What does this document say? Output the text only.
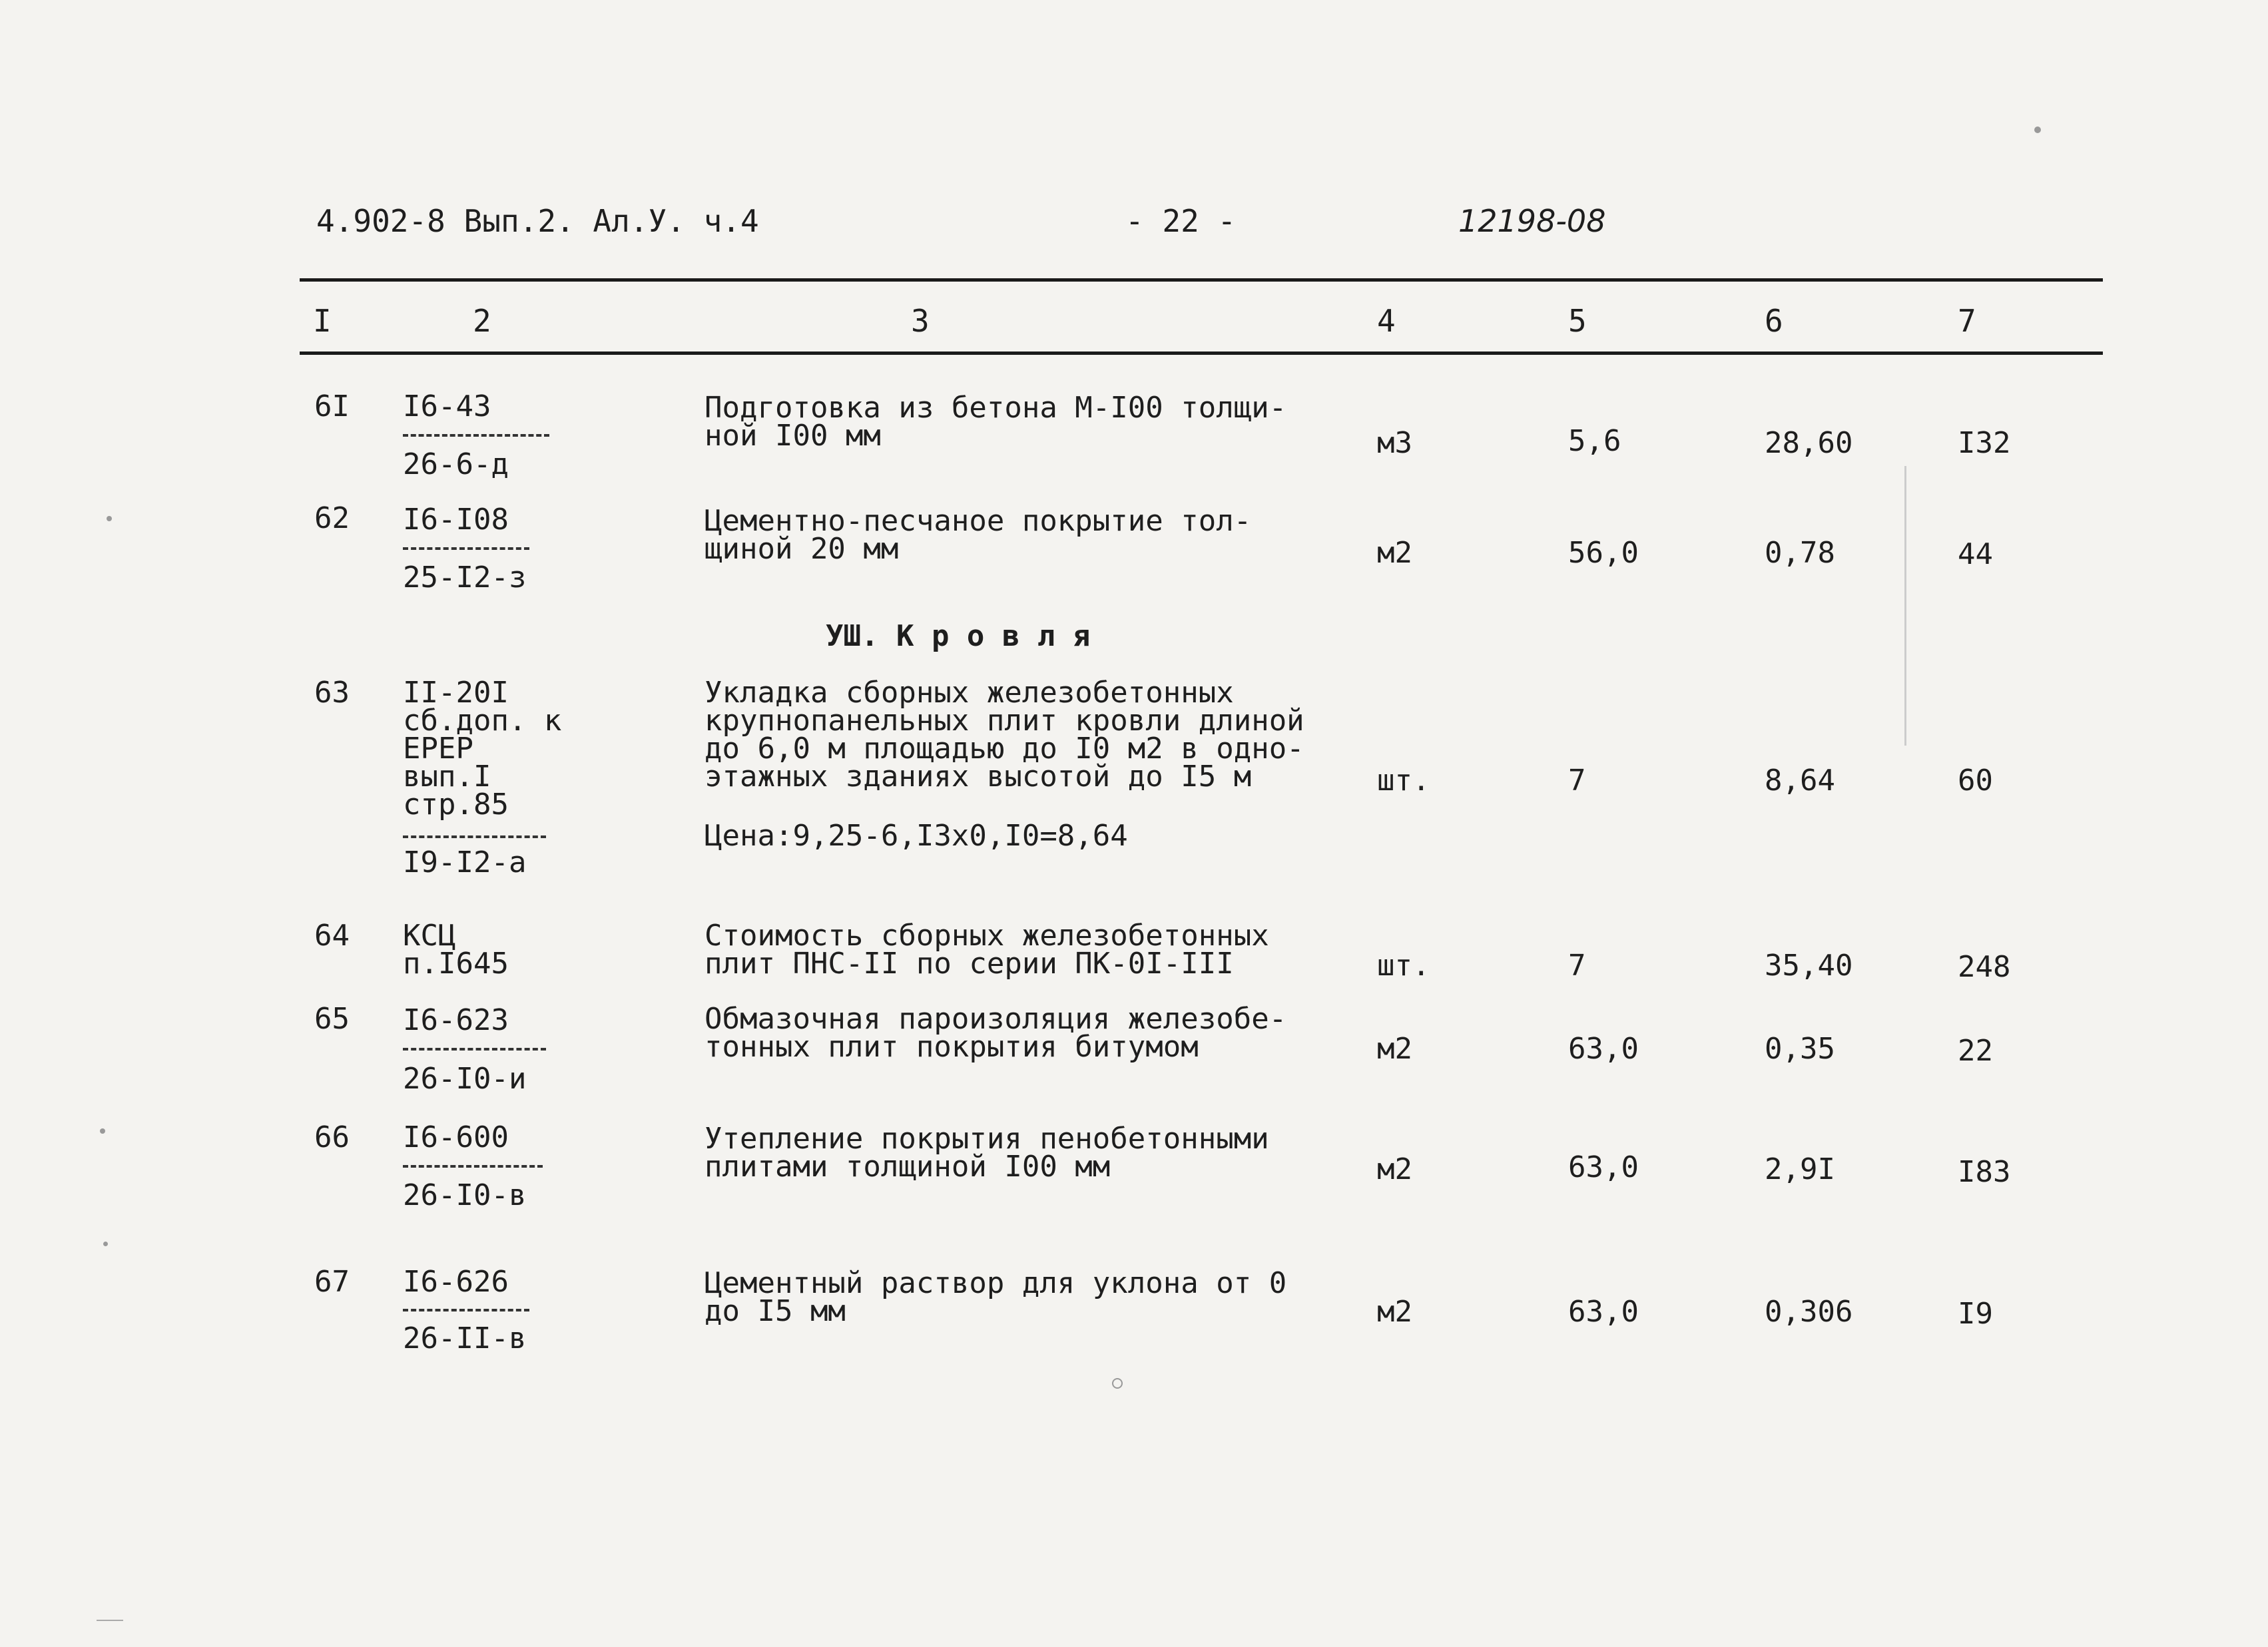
4.902-8 Вып.2. Ал.У. ч.4	- 22 -	12198-08
I	2	3	4	5	6	7
6I I6-43
26-6-д
Подготовка из бетона М-I00 толщи-
ной I00 мм	м3	5,6	28,60	I32
62 I6-I08
25-I2-з
Цементно-песчаное покрытие тол-
щиной 20 мм	м2	56,0	0,78	44
УШ. К р о в л я
63 II-20I
сб.доп. к
ЕРЕР
вып.I
стр.85
I9-I2-а
Укладка сборных железобетонных
крупнопанельных плит кровли длиной
до 6,0 м площадью до I0 м2 в одно-
этажных зданиях высотой до I5 м
Цена:9,25-6,I3х0,I0=8,64
шт.	7	8,64	60
64 КСЦ
п.I645
Стоимость сборных железобетонных
плит ПНС-II по серии ПК-0I-III	шт.	7	35,40	248
65 I6-623
26-I0-и
Обмазочная пароизоляция железобе-
тонных плит покрытия битумом	м2	63,0	0,35	22
66 I6-600
26-I0-в
Утепление покрытия пенобетонными
плитами толщиной I00 мм	м2	63,0	2,9I	I83
67 I6-626
26-II-в
Цементный раствор для уклона от 0
до I5 мм	м2	63,0	0,306	I9
